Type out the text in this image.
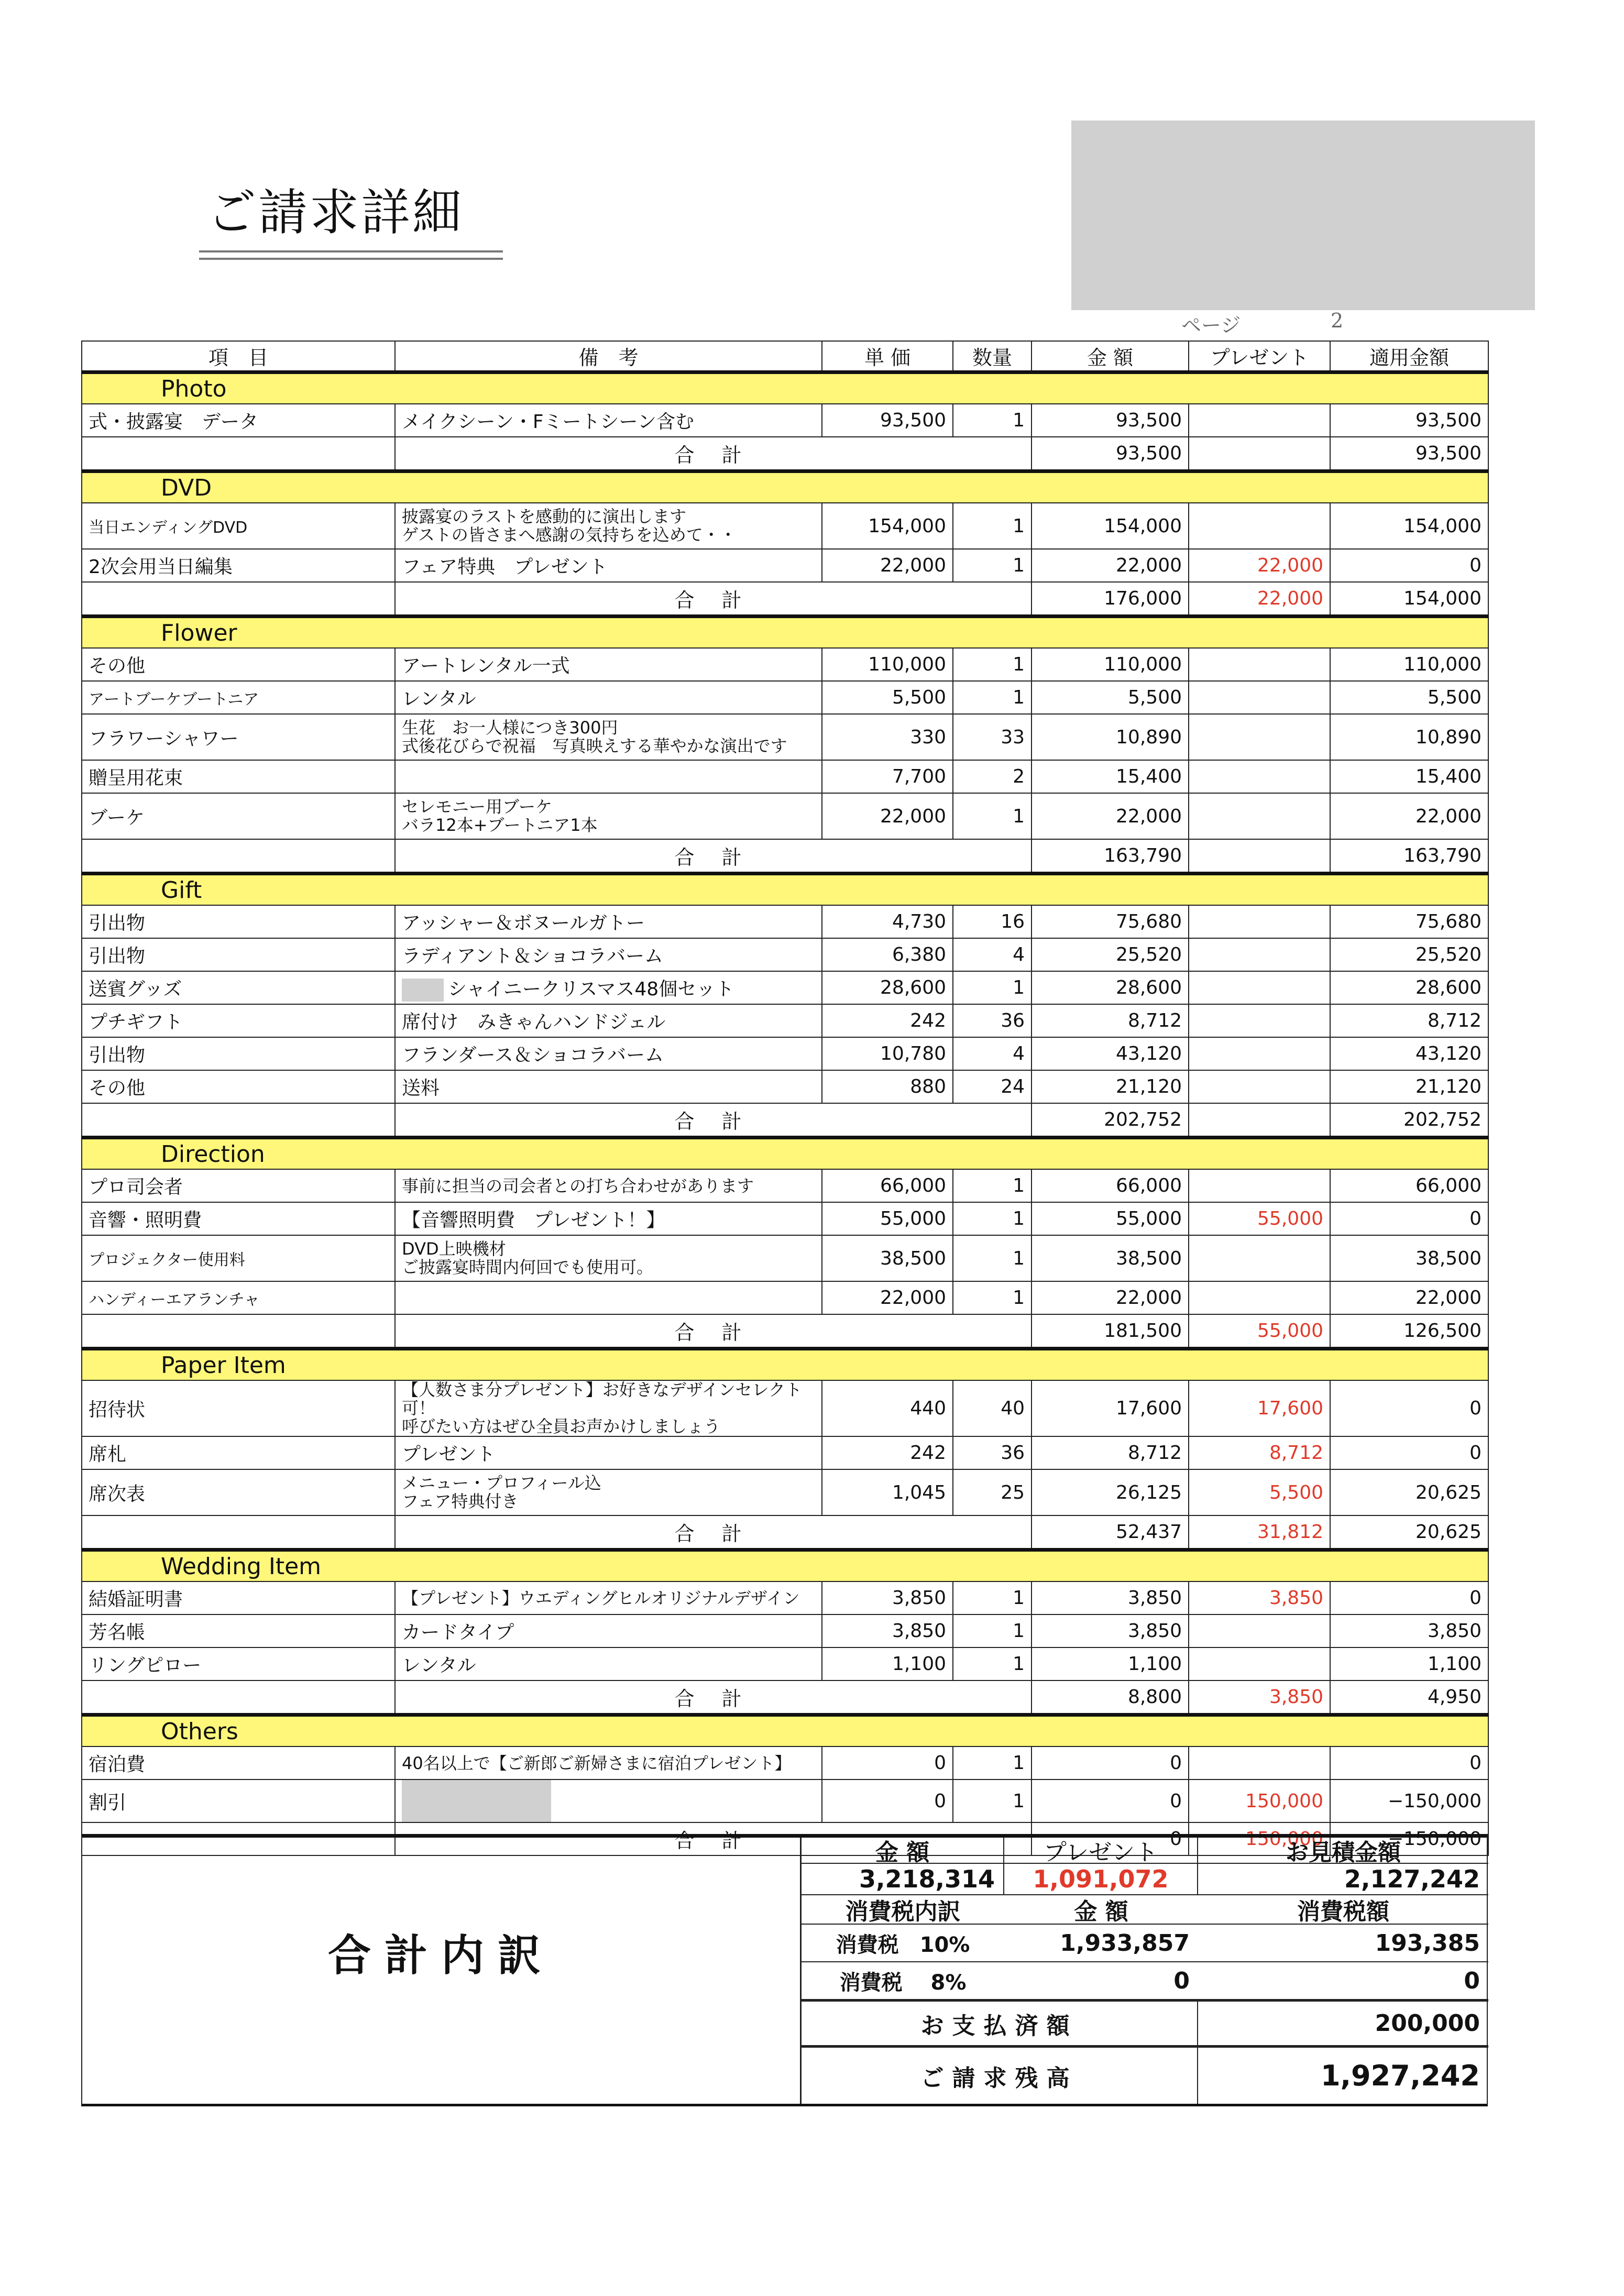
ご請求詳細
ページ	2
項　目	備　考	単 価	数量	金 額	プレゼント	適用金額
Photo						
式・披露宴　データ	メイクシーン・Fミートシーン含む	93,500	1	93,500		93,500
	合 計			93,500		93,500
DVD						
当日エンディングDVD	披露宴のラストを感動的に演出します
ゲストの皆さまへ感謝の気持ちを込めて・・	154,000	1	154,000		154,000
2次会用当日編集	フェア特典　プレゼント	22,000	1	22,000	22,000	0
	合 計			176,000	22,000	154,000
Flower						
その他	アートレンタル一式	110,000	1	110,000		110,000
アートブーケブートニア	レンタル	5,500	1	5,500		5,500
フラワーシャワー	生花　お一人様につき300円
式後花びらで祝福　写真映えする華やかな演出です	330	33	10,890		10,890
贈呈用花束		7,700	2	15,400		15,400
ブーケ	セレモニー用ブーケ
バラ12本+ブートニア1本	22,000	1	22,000		22,000
	合 計			163,790		163,790
Gift						
引出物	アッシャー＆ボヌールガトー	4,730	16	75,680		75,680
引出物	ラディアント＆ショコラバーム	6,380	4	25,520		25,520
送賓グッズ	シャイニークリスマス48個セット	28,600	1	28,600		28,600
プチギフト	席付け　みきゃんハンドジェル	242	36	8,712		8,712
引出物	フランダース＆ショコラバーム	10,780	4	43,120		43,120
その他	送料	880	24	21,120		21,120
	合 計			202,752		202,752
Direction						
プロ司会者	事前に担当の司会者との打ち合わせがあります	66,000	1	66,000		66,000
音響・照明費	【音響照明費　プレゼント！】	55,000	1	55,000	55,000	0
プロジェクター使用料	DVD上映機材
ご披露宴時間内何回でも使用可。	38,500	1	38,500		38,500
ハンディーエアランチャ		22,000	1	22,000		22,000
	合 計			181,500	55,000	126,500
Paper Item						
招待状	【人数さま分プレゼント】お好きなデザインセレクト可！
呼びたい方はぜひ全員お声かけしましょう	440	40	17,600	17,600	0
席札	プレゼント	242	36	8,712	8,712	0
席次表	メニュー・プロフィール込
フェア特典付き	1,045	25	26,125	5,500	20,625
	合 計			52,437	31,812	20,625
Wedding Item						
結婚証明書	【プレゼント】ウエディングヒルオリジナルデザイン	3,850	1	3,850	3,850	0
芳名帳	カードタイプ	3,850	1	3,850		3,850
リングピロー	レンタル	1,100	1	1,100		1,100
	合 計			8,800	3,850	4,950
Others						
宿泊費	40名以上で【ご新郎ご新婦さまに宿泊プレゼント】	0	1	0		0
割引		0	1	0	150,000	−150,000
	合 計			0	150,000	−150,000
合計内訳
金 額	プレゼント	お見積金額
3,218,314	1,091,072	2,127,242
消費税内訳	金 額	消費税額
消費税　10%	1,933,857	193,385
消費税　 8%	0	0
お支払済額	200,000
ご請求残高	1,927,242
